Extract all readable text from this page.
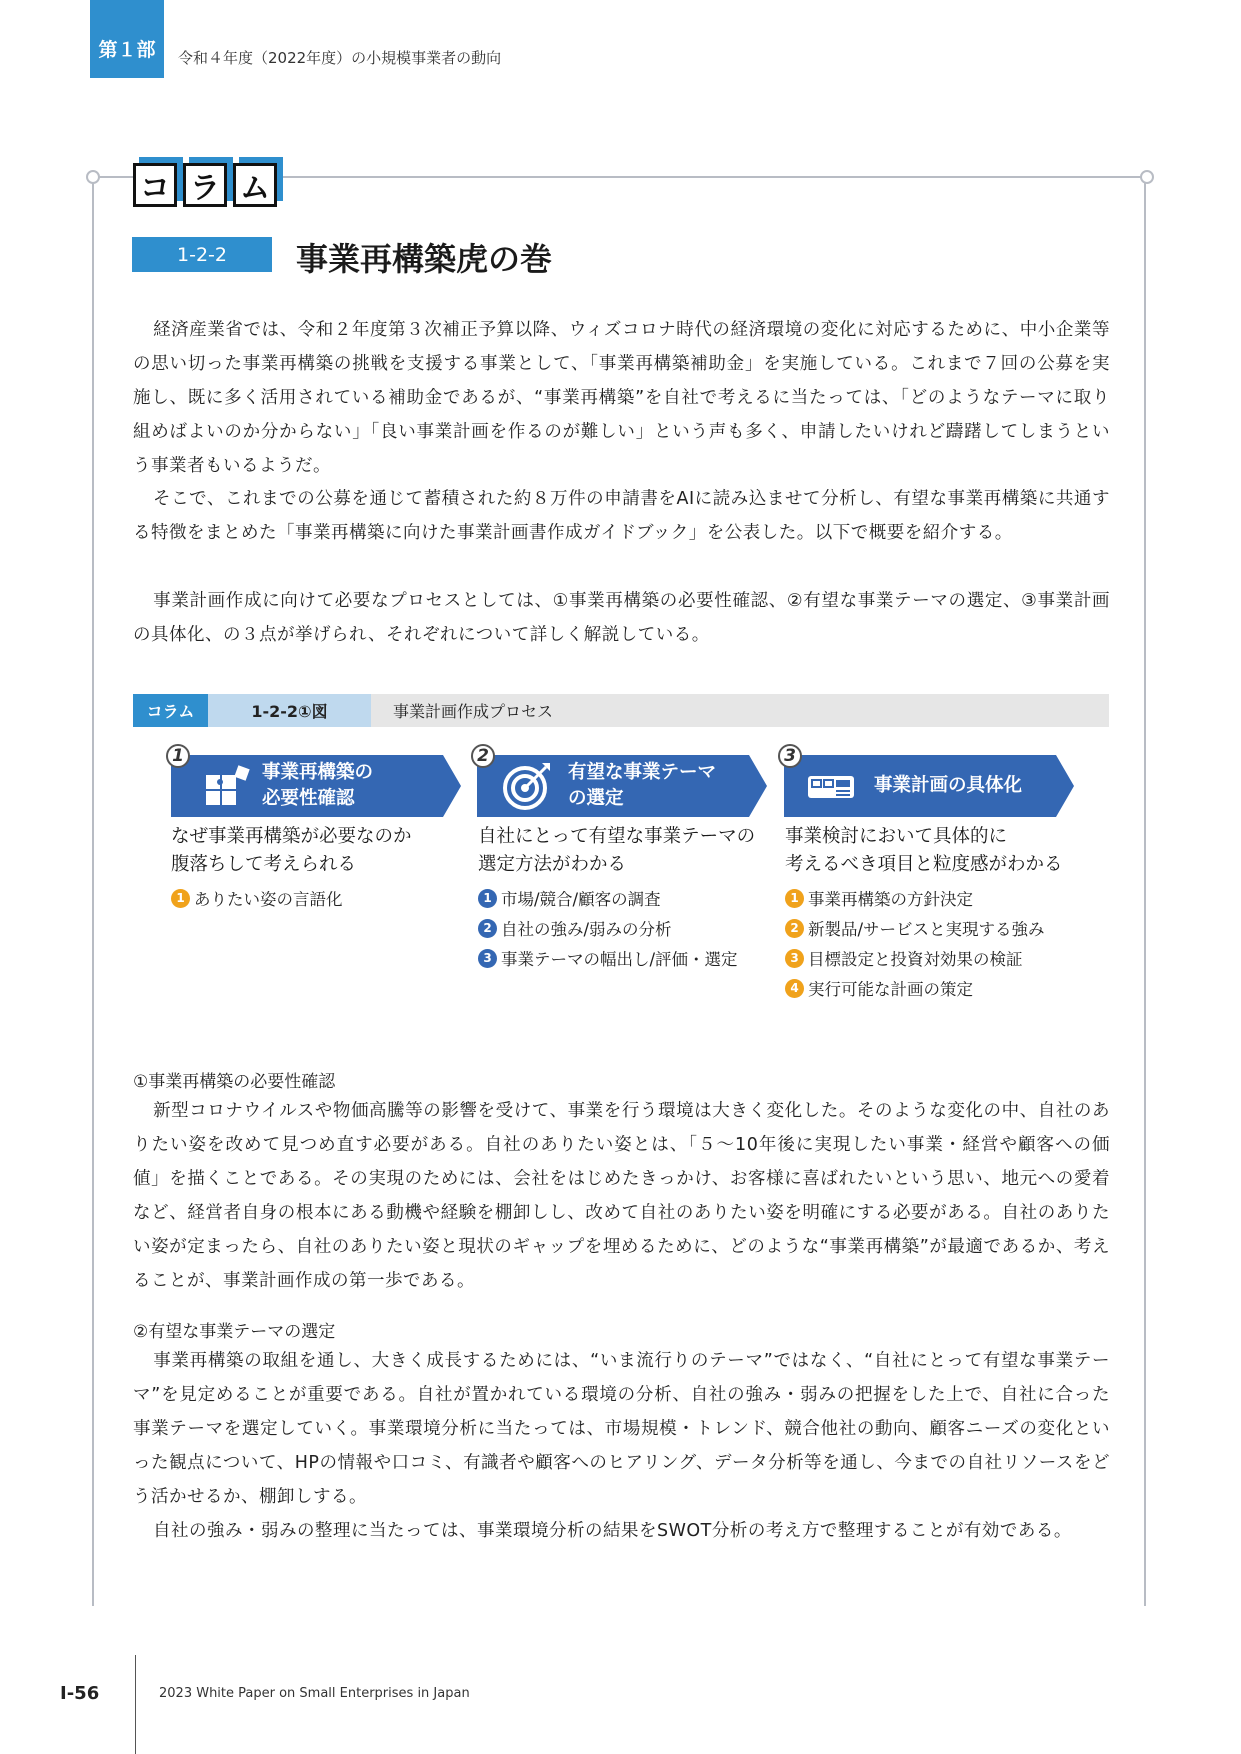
第１部	令和４年度（2022年度）の小規模事業者の動向
コ ラ ム
1-2-2	事業再構築虎の巻
経済産業省では、令和２年度第３次補正予算以降、ウィズコロナ時代の経済環境の変化に対応するために、中小企業等の思い切った事業再構築の挑戦を支援する事業として、「事業再構築補助金」を実施している。これまで７回の公募を実施し、既に多く活用されている補助金であるが、“事業再構築”を自社で考えるに当たっては、「どのようなテーマに取り組めばよいのか分からない」「良い事業計画を作るのが難しい」という声も多く、申請したいけれど躊躇してしまうという事業者もいるようだ。
そこで、これまでの公募を通じて蓄積された約８万件の申請書をAIに読み込ませて分析し、有望な事業再構築に共通する特徴をまとめた「事業再構築に向けた事業計画書作成ガイドブック」を公表した。以下で概要を紹介する。
事業計画作成に向けて必要なプロセスとしては、①事業再構築の必要性確認、②有望な事業テーマの選定、③事業計画の具体化、の３点が挙げられ、それぞれについて詳しく解説している。
コラム	1-2-2①図	事業計画作成プロセス
事業再構築の
必要性確認
1
なぜ事業再構築が必要なのか
腹落ちして考えられる
1 ありたい姿の言語化
有望な事業テーマ
の選定
2
自社にとって有望な事業テーマの
選定方法がわかる
1 市場/競合/顧客の調査
2 自社の強み/弱みの分析
3 事業テーマの幅出し/評価・選定
事業計画の具体化
3
事業検討において具体的に
考えるべき項目と粒度感がわかる
1 事業再構築の方針決定
2 新製品/サービスと実現する強み
3 目標設定と投資対効果の検証
4 実行可能な計画の策定
①事業再構築の必要性確認
新型コロナウイルスや物価高騰等の影響を受けて、事業を行う環境は大きく変化した。そのような変化の中、自社のありたい姿を改めて見つめ直す必要がある。自社のありたい姿とは、「５～10年後に実現したい事業・経営や顧客への価値」を描くことである。その実現のためには、会社をはじめたきっかけ、お客様に喜ばれたいという思い、地元への愛着など、経営者自身の根本にある動機や経験を棚卸しし、改めて自社のありたい姿を明確にする必要がある。自社のありたい姿が定まったら、自社のありたい姿と現状のギャップを埋めるために、どのような“事業再構築”が最適であるか、考えることが、事業計画作成の第一歩である。
②有望な事業テーマの選定
事業再構築の取組を通し、大きく成長するためには、“いま流行りのテーマ”ではなく、“自社にとって有望な事業テーマ”を見定めることが重要である。自社が置かれている環境の分析、自社の強み・弱みの把握をした上で、自社に合った事業テーマを選定していく。事業環境分析に当たっては、市場規模・トレンド、競合他社の動向、顧客ニーズの変化といった観点について、HPの情報や口コミ、有識者や顧客へのヒアリング、データ分析等を通し、今までの自社リソースをどう活かせるか、棚卸しする。
自社の強み・弱みの整理に当たっては、事業環境分析の結果をSWOT分析の考え方で整理することが有効である。
Ⅰ-56	2023 White Paper on Small Enterprises in Japan
